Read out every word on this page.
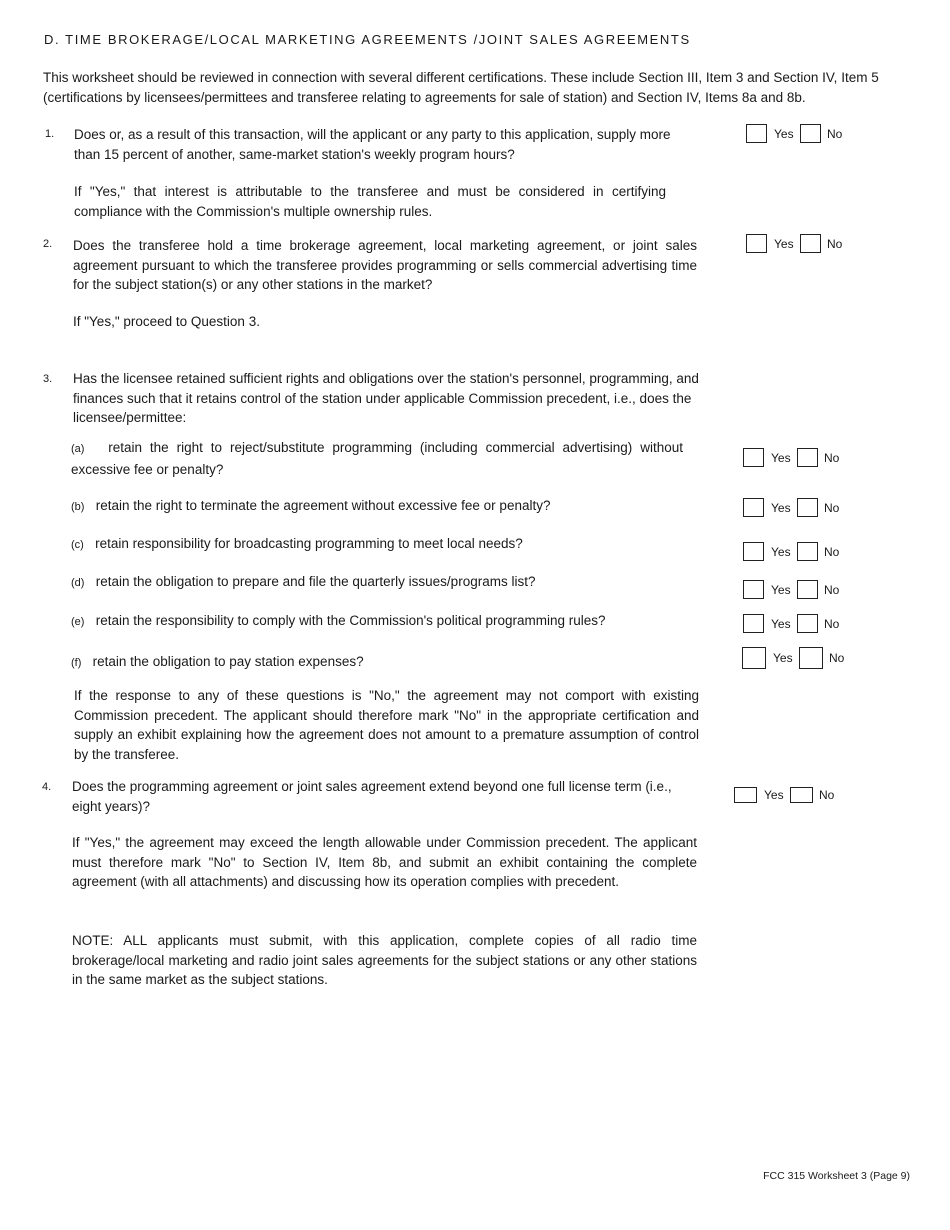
D. TIME BROKERAGE/LOCAL MARKETING AGREEMENTS /JOINT SALES AGREEMENTS
This worksheet should be reviewed in connection with several different certifications. These include Section III, Item 3 and Section IV, Item 5 (certifications by licensees/permittees and transferee relating to agreements for sale of station) and Section IV, Items 8a and 8b.
1. Does or, as a result of this transaction, will the applicant or any party to this application, supply more than 15 percent of another, same-market station's weekly program hours?
If "Yes," that interest is attributable to the transferee and must be considered in certifying compliance with the Commission's multiple ownership rules.
Yes	No
2. Does the transferee hold a time brokerage agreement, local marketing agreement, or joint sales agreement pursuant to which the transferee provides programming or sells commercial advertising time for the subject station(s) or any other stations in the market?
If "Yes," proceed to Question 3.
Yes	No
3. Has the licensee retained sufficient rights and obligations over the station's personnel, programming, and finances such that it retains control of the station under applicable Commission precedent, i.e., does the licensee/permittee:
(a) retain the right to reject/substitute programming (including commercial advertising) without excessive fee or penalty?
Yes	No
(b) retain the right to terminate the agreement without excessive fee or penalty?	Yes	No
(c) retain responsibility for broadcasting programming to meet local needs?
Yes	No
(d) retain the obligation to prepare and file the quarterly issues/programs list?
Yes	No
(e) retain the responsibility to comply with the Commission's political programming rules?	Yes	No
(f) retain the obligation to pay station expenses?	Yes	No
If the response to any of these questions is "No," the agreement may not comport with existing Commission precedent. The applicant should therefore mark "No" in the appropriate certification and supply an exhibit explaining how the agreement does not amount to a premature assumption of control by the transferee.
4. Does the programming agreement or joint sales agreement extend beyond one full license term (i.e., eight years)?
Yes	No
If "Yes," the agreement may exceed the length allowable under Commission precedent. The applicant must therefore mark "No" to Section IV, Item 8b, and submit an exhibit containing the complete agreement (with all attachments) and discussing how its operation complies with precedent.
NOTE: ALL applicants must submit, with this application, complete copies of all radio time brokerage/local marketing and radio joint sales agreements for the subject stations or any other stations in the same market as the subject stations.
FCC 315 Worksheet 3 (Page 9)
